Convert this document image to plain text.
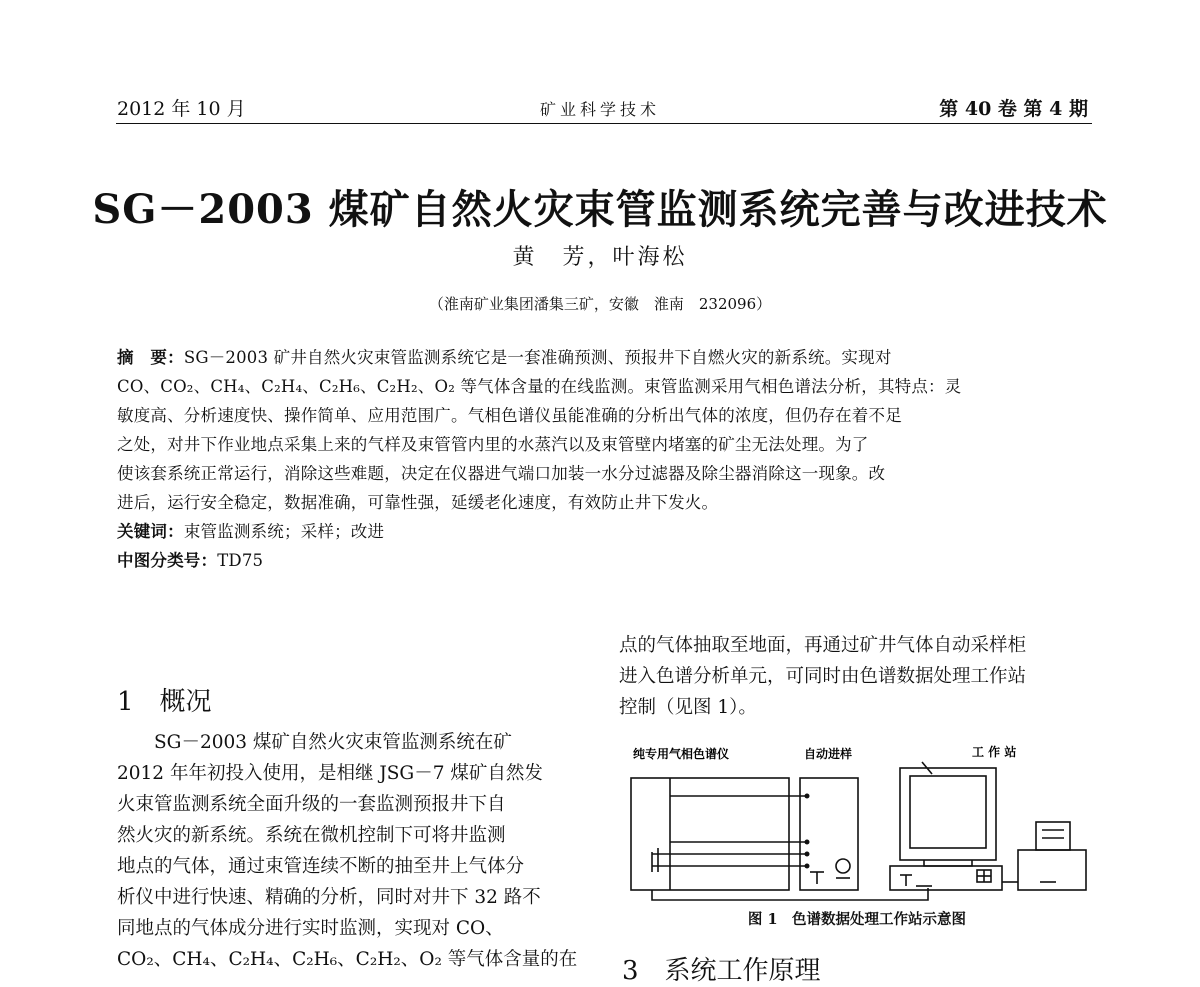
2012 年 10 月	矿业科学技术	第 40 卷 第 4 期
SG－2003 煤矿自然火灾束管监测系统完善与改进技术
黄　芳，叶海松
（淮南矿业集团潘集三矿，安徽　淮南　232096）
摘　要：SG－2003 矿井自然火灾束管监测系统它是一套准确预测、预报井下自燃火灾的新系统。实现对
CO、CO₂、CH₄、C₂H₄、C₂H₆、C₂H₂、O₂ 等气体含量的在线监测。束管监测采用气相色谱法分析，其特点：灵
敏度高、分析速度快、操作简单、应用范围广。气相色谱仪虽能准确的分析出气体的浓度，但仍存在着不足
之处，对井下作业地点采集上来的气样及束管管内里的水蒸汽以及束管壁内堵塞的矿尘无法处理。为了
使该套系统正常运行，消除这些难题，决定在仪器进气端口加装一水分过滤器及除尘器消除这一现象。改
进后，运行安全稳定，数据准确，可靠性强，延缓老化速度，有效防止井下发火。
关键词：束管监测系统；采样；改进
中图分类号：TD75
1　概况
　　SG－2003 煤矿自然火灾束管监测系统在矿
2012 年年初投入使用，是相继 JSG－7 煤矿自然发
火束管监测系统全面升级的一套监测预报井下自
然火灾的新系统。系统在微机控制下可将井监测
地点的气体，通过束管连续不断的抽至井上气体分
析仪中进行快速、精确的分析，同时对井下 32 路不
同地点的气体成分进行实时监测，实现对 CO、
CO₂、CH₄、C₂H₄、C₂H₆、C₂H₂、O₂ 等气体含量的在
点的气体抽取至地面，再通过矿井气体自动采样柜
进入色谱分析单元，可同时由色谱数据处理工作站
控制（见图 1）。
纯专用气相色谱仪	自动进样	工 作 站
图 1　色谱数据处理工作站示意图
3　系统工作原理
